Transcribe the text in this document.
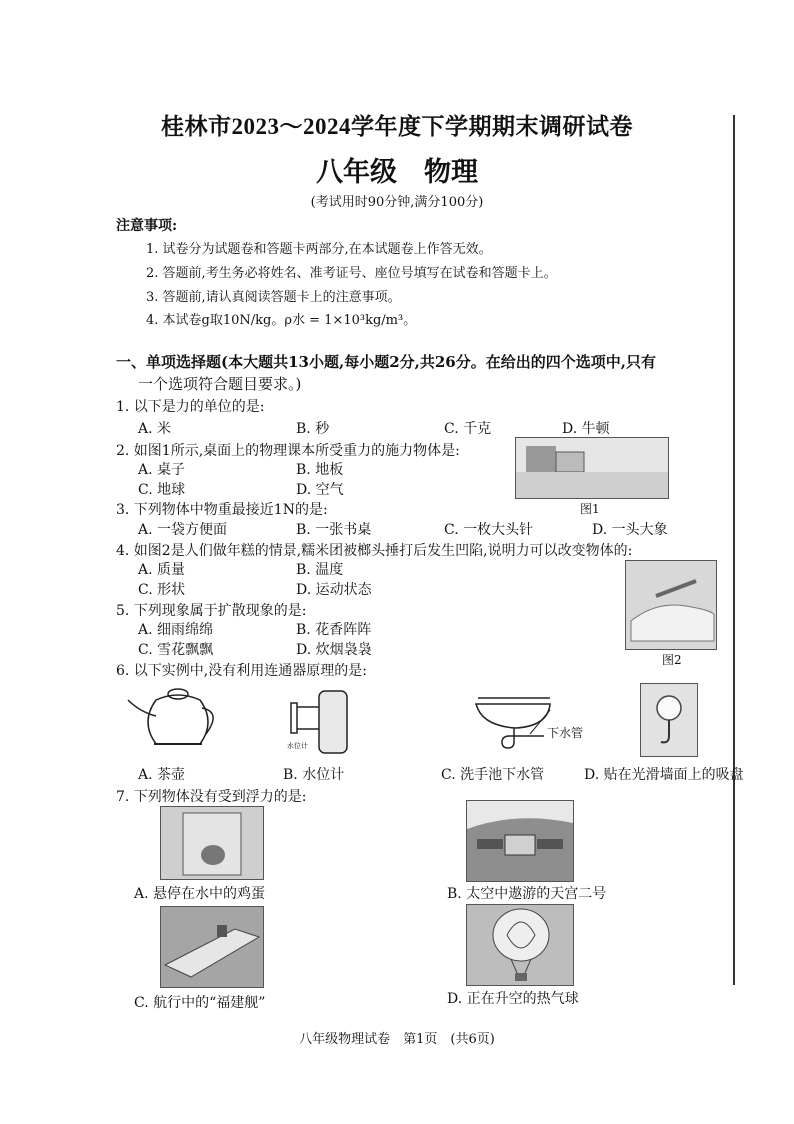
桂林市2023～2024学年度下学期期末调研试卷
八年级　物理
(考试用时90分钟,满分100分)
注意事项:
1. 试卷分为试题卷和答题卡两部分,在本试题卷上作答无效。
2. 答题前,考生务必将姓名、准考证号、座位号填写在试卷和答题卡上。
3. 答题前,请认真阅读答题卡上的注意事项。
4. 本试卷g取10N/kg。ρ水 = 1×10³kg/m³。
一、单项选择题(本大题共13小题,每小题2分,共26分。在给出的四个选项中,只有
一个选项符合题目要求。)
1. 以下是力的单位的是:
A. 米	B. 秒	C. 千克	D. 牛顿
2. 如图1所示,桌面上的物理课本所受重力的施力物体是:
A. 桌子	B. 地板
C. 地球	D. 空气
图1
3. 下列物体中物重最接近1N的是:
A. 一袋方便面	B. 一张书桌	C. 一枚大头针	D. 一头大象
4. 如图2是人们做年糕的情景,糯米团被榔头捶打后发生凹陷,说明力可以改变物体的:
A. 质量	B. 温度
C. 形状	D. 运动状态
图2
5. 下列现象属于扩散现象的是:
A. 细雨绵绵	B. 花香阵阵
C. 雪花飘飘	D. 炊烟袅袅
6. 以下实例中,没有利用连通器原理的是:
水位计
下水管
A. 茶壶	B. 水位计	C. 洗手池下水管	D. 贴在光滑墙面上的吸盘
7. 下列物体没有受到浮力的是:
A. 悬停在水中的鸡蛋	B. 太空中遨游的天宫二号
C. 航行中的“福建舰”	D. 正在升空的热气球
八年级物理试卷　第1页　(共6页)
